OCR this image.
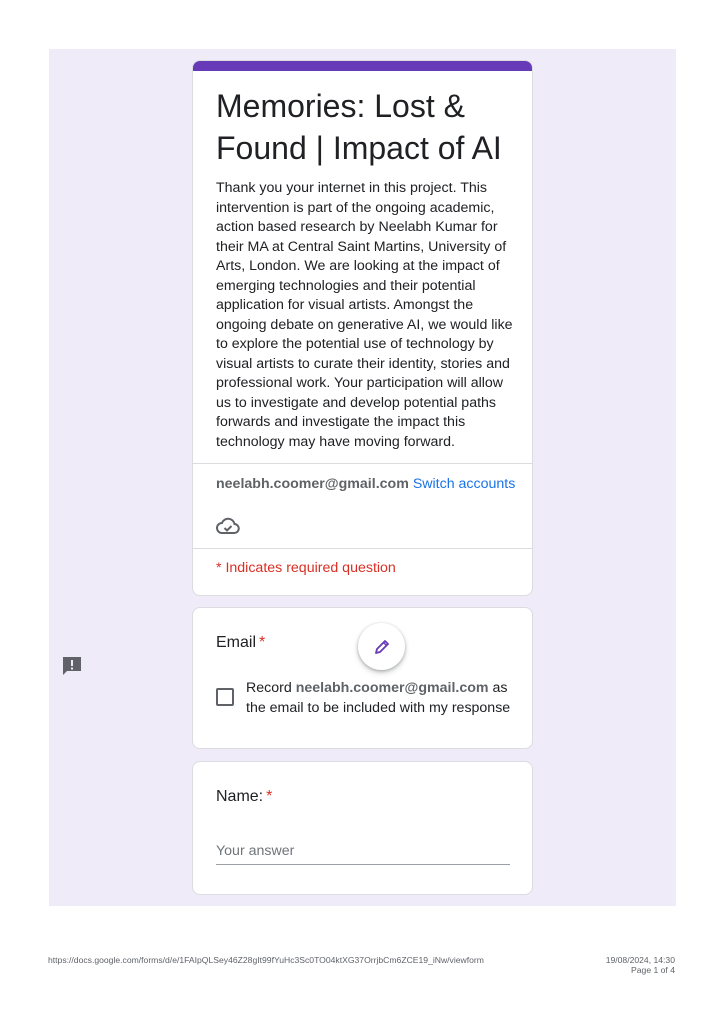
Memories: Lost & Found | Impact of AI
Thank you your internet in this project. This intervention is part of the ongoing academic, action based research by Neelabh Kumar for their MA at Central Saint Martins, University of Arts, London. We are looking at the impact of emerging technologies and their potential application for visual artists. Amongst the ongoing debate on generative AI, we would like to explore the potential use of technology by visual artists to curate their identity, stories and professional work. Your participation will allow us to investigate and develop potential paths forwards and investigate the impact this technology may have moving forward.
neelabh.coomer@gmail.com Switch accounts
* Indicates required question
Email *
Record neelabh.coomer@gmail.com as the email to be included with my response
Name: *
Your answer
https://docs.google.com/forms/d/e/1FAIpQLSey46Z28gIt99fYuHc3Sc0TO04ktXG37OrrjbCm6ZCE19_iNw/viewform	19/08/2024, 14:30
Page 1 of 4
